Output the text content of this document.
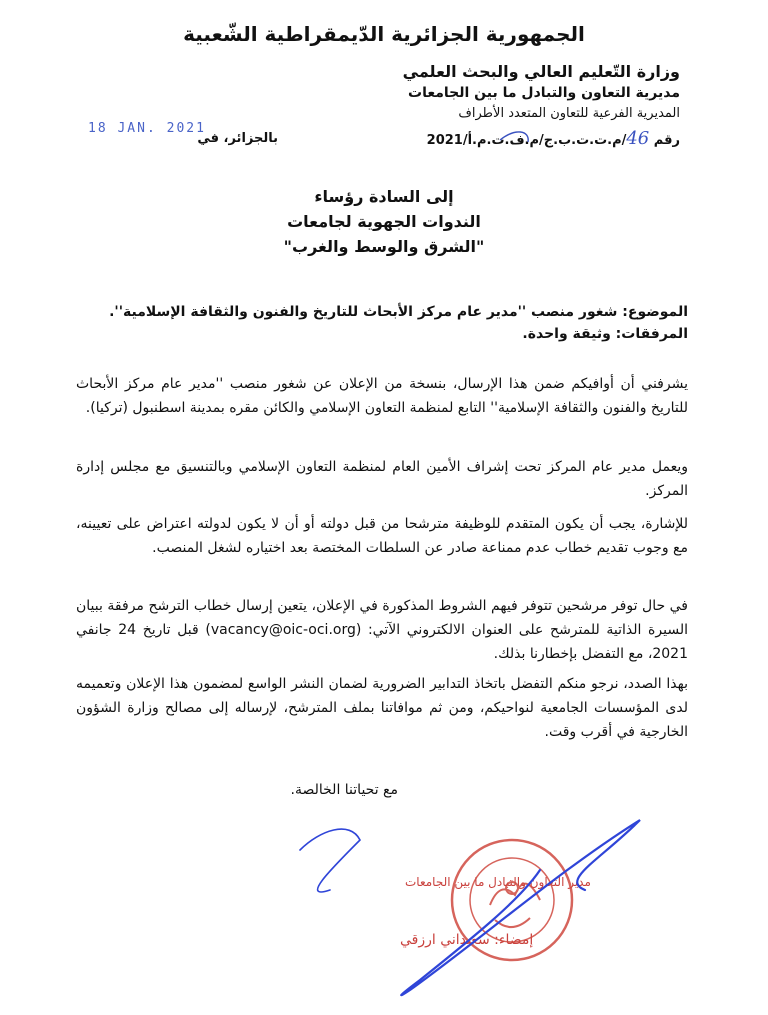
الجمهورية الجزائرية الدّيمقراطية الشّعبية
وزارة التّعليم العالي والبحث العلمي
مديرية التعاون والتبادل ما بين الجامعات
المديرية الفرعية للتعاون المتعدد الأطراف
18 JAN. 2021
بالجزائر، في	رقم 46/م.ت.ت.ب.ج/م.ف.ت.م.أ/2021
إلى السادة رؤساء
الندوات الجهوية لجامعات
"الشرق والوسط والغرب"
الموضوع: شغور منصب ''مدير عام مركز الأبحاث للتاريخ والفنون والثقافة الإسلامية''.
المرفقات: وثيقة واحدة.
يشرفني أن أوافيكم ضمن هذا الإرسال، بنسخة من الإعلان عن شغور منصب ''مدير عام مركز الأبحاث للتاريخ والفنون والثقافة الإسلامية'' التابع لمنظمة التعاون الإسلامي والكائن مقره بمدينة اسطنبول (تركيا).
ويعمل مدير عام المركز تحت إشراف الأمين العام لمنظمة التعاون الإسلامي وبالتنسيق مع مجلس إدارة المركز.
للإشارة، يجب أن يكون المتقدم للوظيفة مترشحا من قبل دولته أو أن لا يكون لدولته اعتراض على تعيينه، مع وجوب تقديم خطاب عدم ممناعة صادر عن السلطات المختصة بعد اختياره لشغل المنصب.
في حال توفر مرشحين تتوفر فيهم الشروط المذكورة في الإعلان، يتعين إرسال خطاب الترشح مرفقة ببيان السيرة الذاتية للمترشح على العنوان الالكتروني الآتي: (vacancy@oic-oci.org) قبل تاريخ 24 جانفي 2021، مع التفضل بإخطارنا بذلك.
بهذا الصدد، نرجو منكم التفضل باتخاذ التدابير الضرورية لضمان النشر الواسع لمضمون هذا الإعلان وتعميمه لدى المؤسسات الجامعية لنواحيكم، ومن ثم موافاتنا بملف المترشح، لإرساله إلى مصالح وزارة الشؤون الخارجية في أقرب وقت.
مع تحياتنا الخالصة.
مدير التعاون والتبادل ما بين الجامعات
إمضاء: سعيداني ارزقي
